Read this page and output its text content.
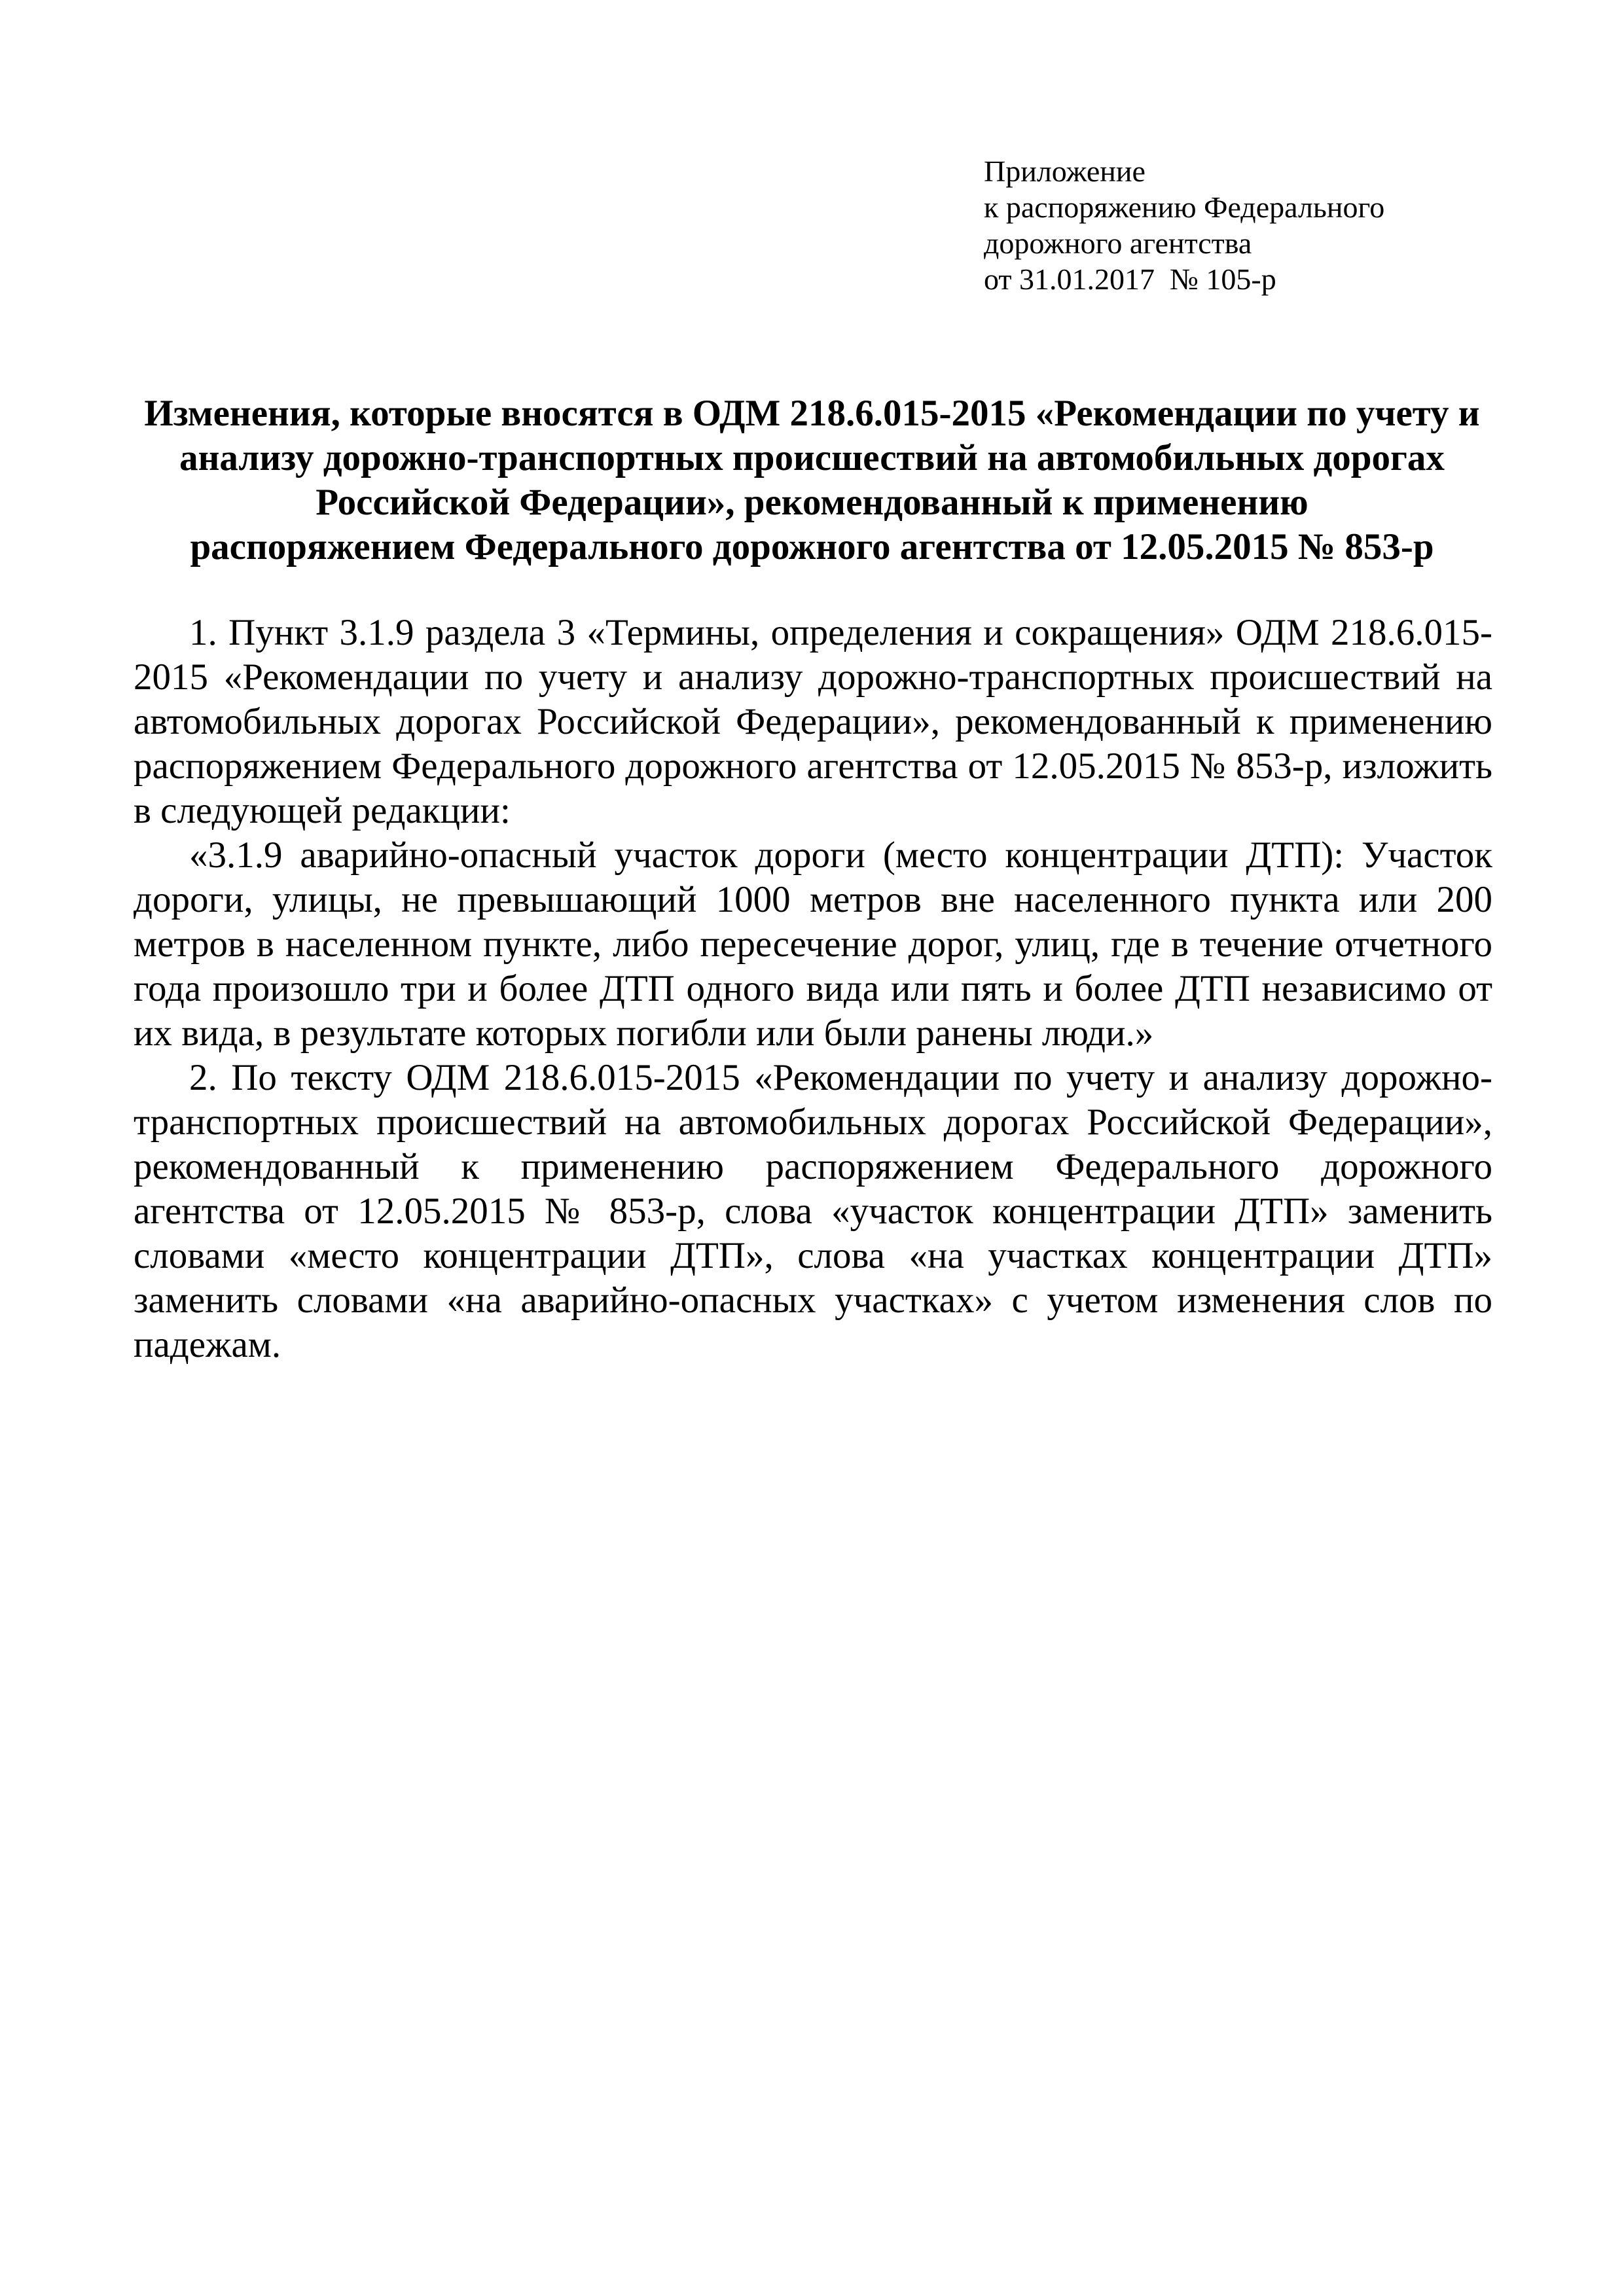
Приложение
к распоряжению Федерального
дорожного агентства
от 31.01.2017  № 105-р
Изменения, которые вносятся в ОДМ 218.6.015-2015 «Рекомендации по учету и
анализу дорожно-транспортных происшествий на автомобильных дорогах
Российской Федерации», рекомендованный к применению
распоряжением Федерального дорожного агентства от 12.05.2015 № 853-р
1. Пункт 3.1.9 раздела 3 «Термины, определения и сокращения» ОДМ 218.6.015-
2015 «Рекомендации по учету и анализу дорожно-транспортных происшествий на
автомобильных дорогах Российской Федерации», рекомендованный к применению
распоряжением Федерального дорожного агентства от 12.05.2015 № 853-р, изложить
в следующей редакции:
«3.1.9 аварийно-опасный участок дороги (место концентрации ДТП): Участок
дороги, улицы, не превышающий 1000 метров вне населенного пункта или 200
метров в населенном пункте, либо пересечение дорог, улиц, где в течение отчетного
года произошло три и более ДТП одного вида или пять и более ДТП независимо от
их вида, в результате которых погибли или были ранены люди.»
2. По тексту ОДМ 218.6.015-2015 «Рекомендации по учету и анализу дорожно-
транспортных происшествий на автомобильных дорогах Российской Федерации»,
рекомендованный к применению распоряжением Федерального дорожного
агентства от 12.05.2015 № 853-р, слова «участок концентрации ДТП» заменить
словами «место концентрации ДТП», слова «на участках концентрации ДТП»
заменить словами «на аварийно-опасных участках» с учетом изменения слов по
падежам.
